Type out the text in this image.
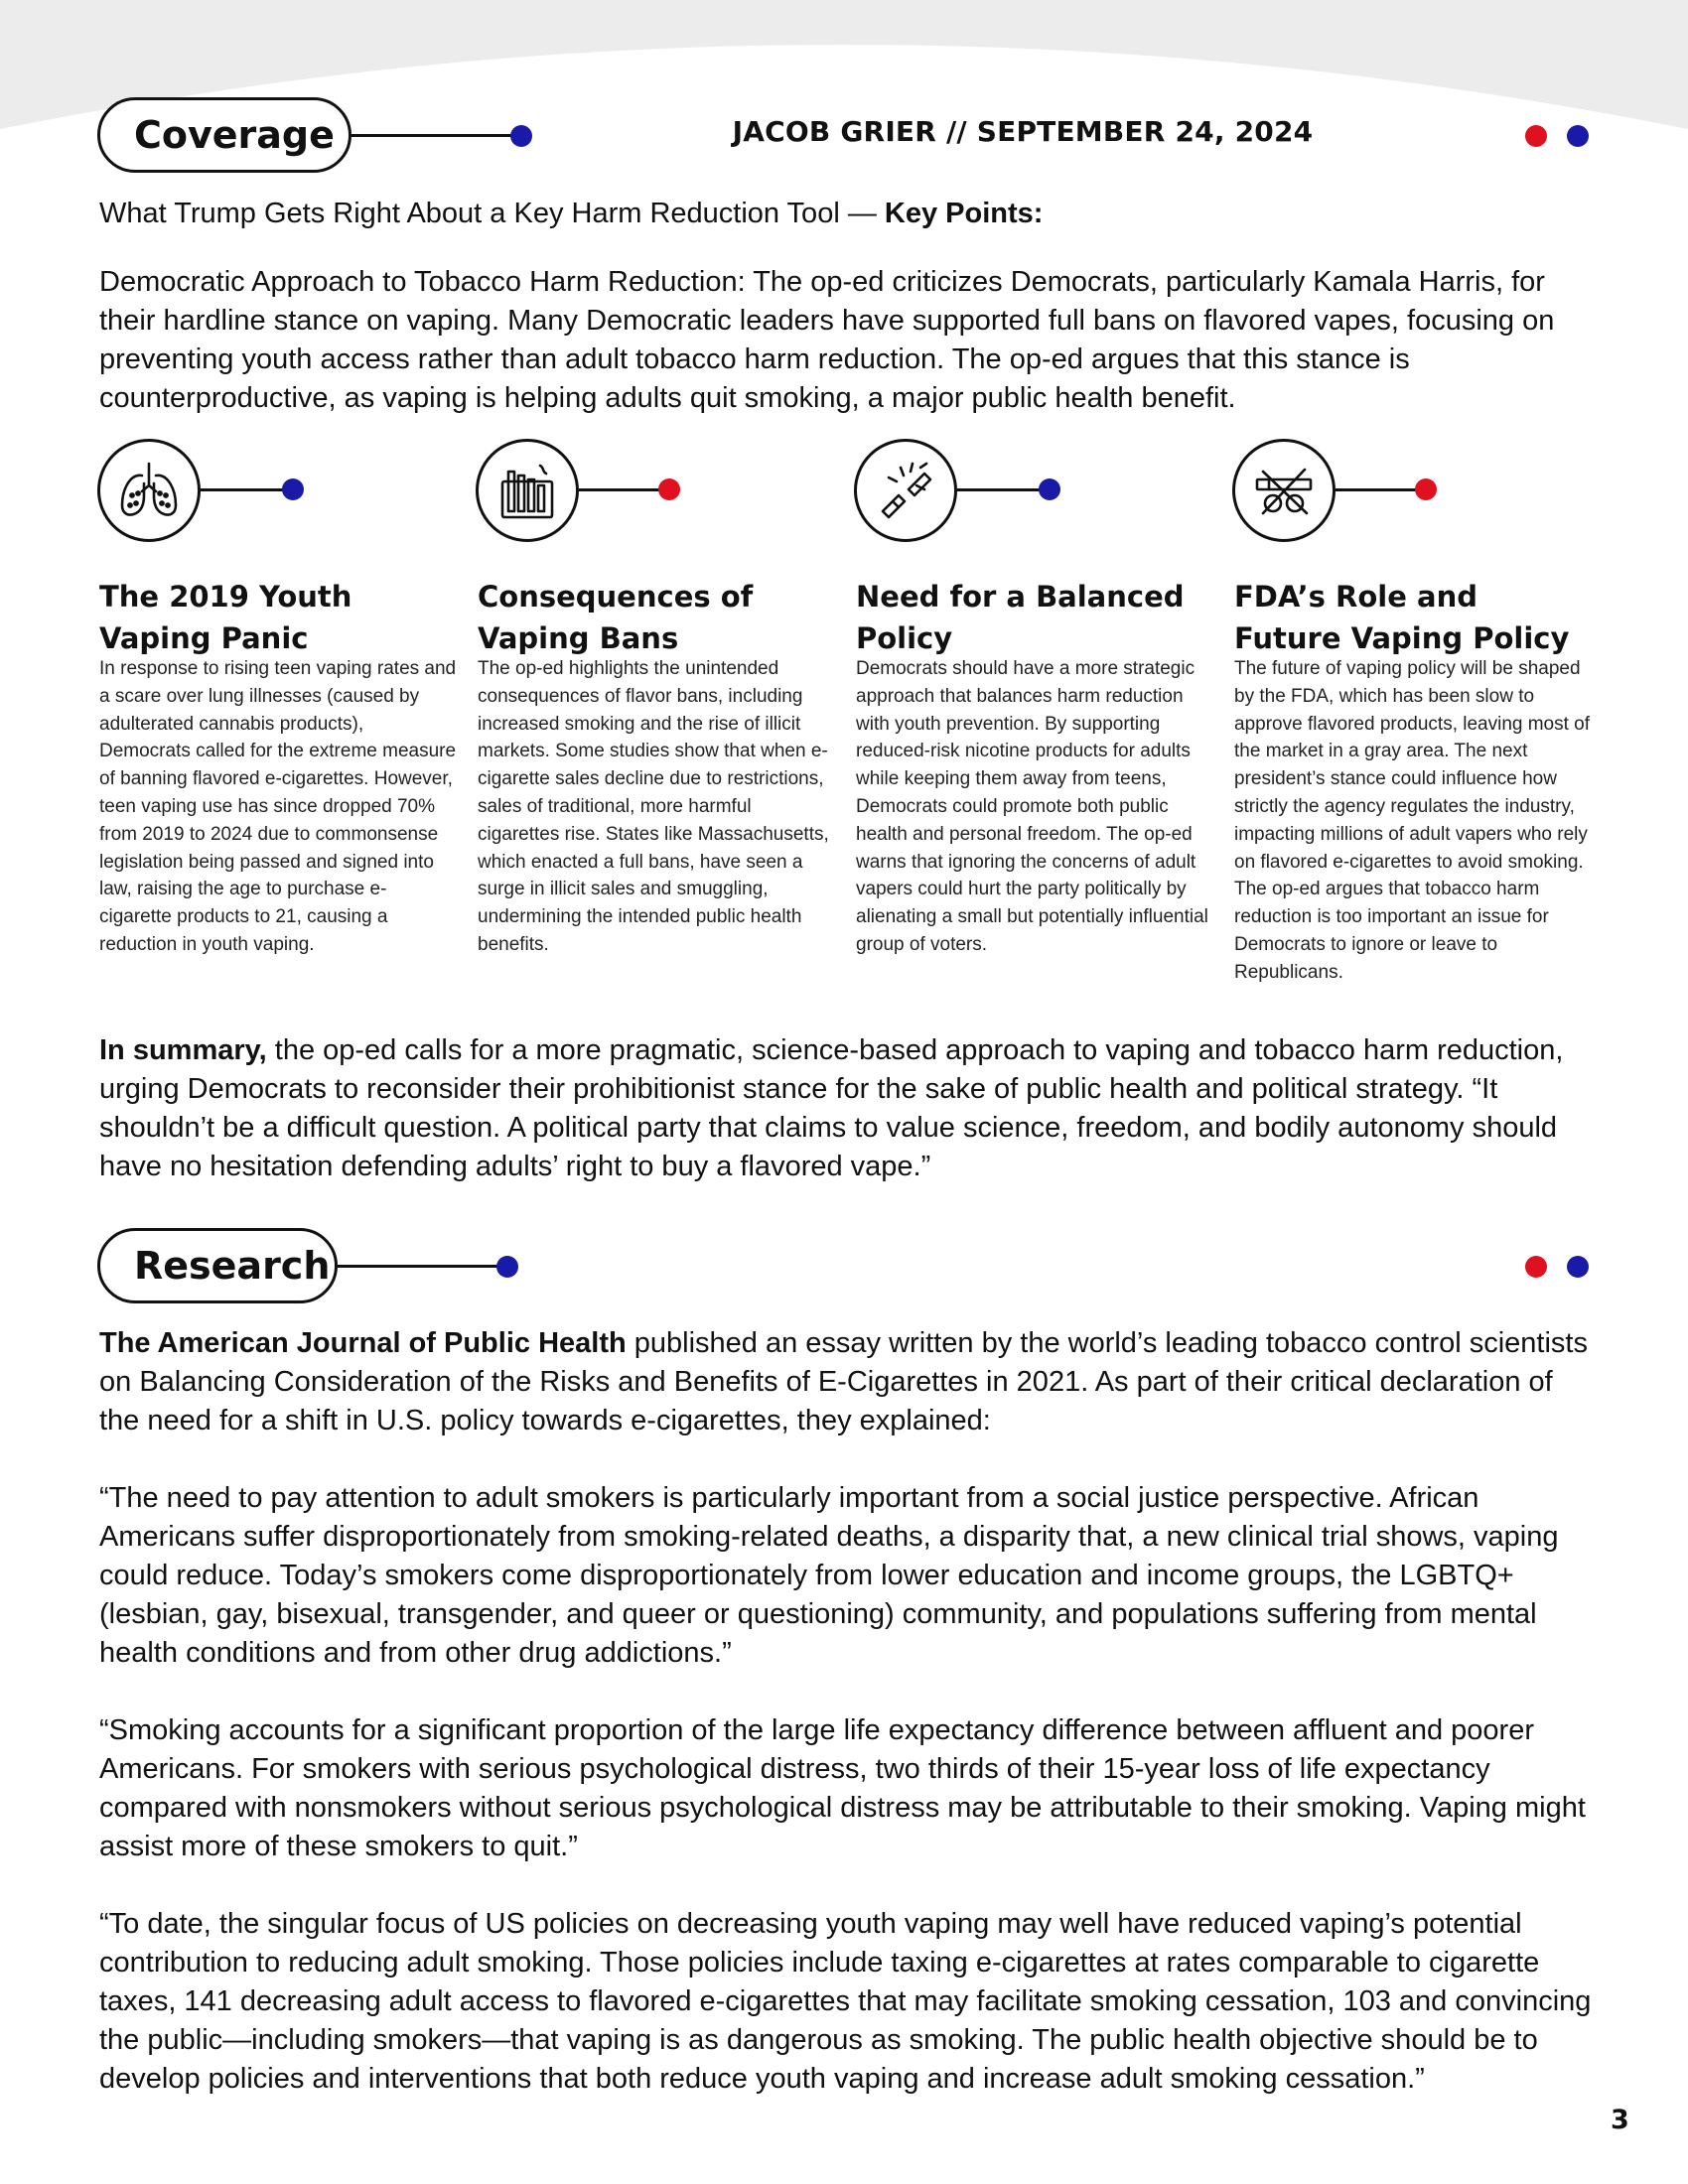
Coverage	JACOB GRIER // SEPTEMBER 24, 2024
What Trump Gets Right About a Key Harm Reduction Tool — Key Points:
Democratic Approach to Tobacco Harm Reduction: The op-ed criticizes Democrats, particularly Kamala Harris, for their hardline stance on vaping. Many Democratic leaders have supported full bans on flavored vapes, focusing on preventing youth access rather than adult tobacco harm reduction. The op-ed argues that this stance is counterproductive, as vaping is helping adults quit smoking, a major public health benefit.
The 2019 Youth Vaping Panic
In response to rising teen vaping rates and a scare over lung illnesses (caused by adulterated cannabis products), Democrats called for the extreme measure of banning flavored e-cigarettes. However, teen vaping use has since dropped 70% from 2019 to 2024 due to commonsense legislation being passed and signed into law, raising the age to purchase e-cigarette products to 21, causing a reduction in youth vaping.
Consequences of Vaping Bans
The op-ed highlights the unintended consequences of flavor bans, including increased smoking and the rise of illicit markets. Some studies show that when e-cigarette sales decline due to restrictions, sales of traditional, more harmful cigarettes rise. States like Massachusetts, which enacted a full bans, have seen a surge in illicit sales and smuggling, undermining the intended public health benefits.
Need for a Balanced Policy
Democrats should have a more strategic approach that balances harm reduction with youth prevention. By supporting reduced-risk nicotine products for adults while keeping them away from teens, Democrats could promote both public health and personal freedom. The op-ed warns that ignoring the concerns of adult vapers could hurt the party politically by alienating a small but potentially influential group of voters.
FDA’s Role and Future Vaping Policy
The future of vaping policy will be shaped by the FDA, which has been slow to approve flavored products, leaving most of the market in a gray area. The next president’s stance could influence how strictly the agency regulates the industry, impacting millions of adult vapers who rely on flavored e-cigarettes to avoid smoking. The op-ed argues that tobacco harm reduction is too important an issue for Democrats to ignore or leave to Republicans.
In summary, the op-ed calls for a more pragmatic, science-based approach to vaping and tobacco harm reduction, urging Democrats to reconsider their prohibitionist stance for the sake of public health and political strategy. “It shouldn’t be a difficult question. A political party that claims to value science, freedom, and bodily autonomy should have no hesitation defending adults’ right to buy a flavored vape.”
Research
The American Journal of Public Health published an essay written by the world’s leading tobacco control scientists on Balancing Consideration of the Risks and Benefits of E-Cigarettes in 2021. As part of their critical declaration of the need for a shift in U.S. policy towards e-cigarettes, they explained:
“The need to pay attention to adult smokers is particularly important from a social justice perspective. African Americans suffer disproportionately from smoking-related deaths, a disparity that, a new clinical trial shows, vaping could reduce. Today’s smokers come disproportionately from lower education and income groups, the LGBTQ+ (lesbian, gay, bisexual, transgender, and queer or questioning) community, and populations suffering from mental health conditions and from other drug addictions.”
“Smoking accounts for a significant proportion of the large life expectancy difference between affluent and poorer Americans. For smokers with serious psychological distress, two thirds of their 15-year loss of life expectancy compared with nonsmokers without serious psychological distress may be attributable to their smoking. Vaping might assist more of these smokers to quit.”
“To date, the singular focus of US policies on decreasing youth vaping may well have reduced vaping’s potential contribution to reducing adult smoking. Those policies include taxing e-cigarettes at rates comparable to cigarette taxes, 141 decreasing adult access to flavored e-cigarettes that may facilitate smoking cessation, 103 and convincing the public—including smokers—that vaping is as dangerous as smoking. The public health objective should be to develop policies and interventions that both reduce youth vaping and increase adult smoking cessation.”
3
